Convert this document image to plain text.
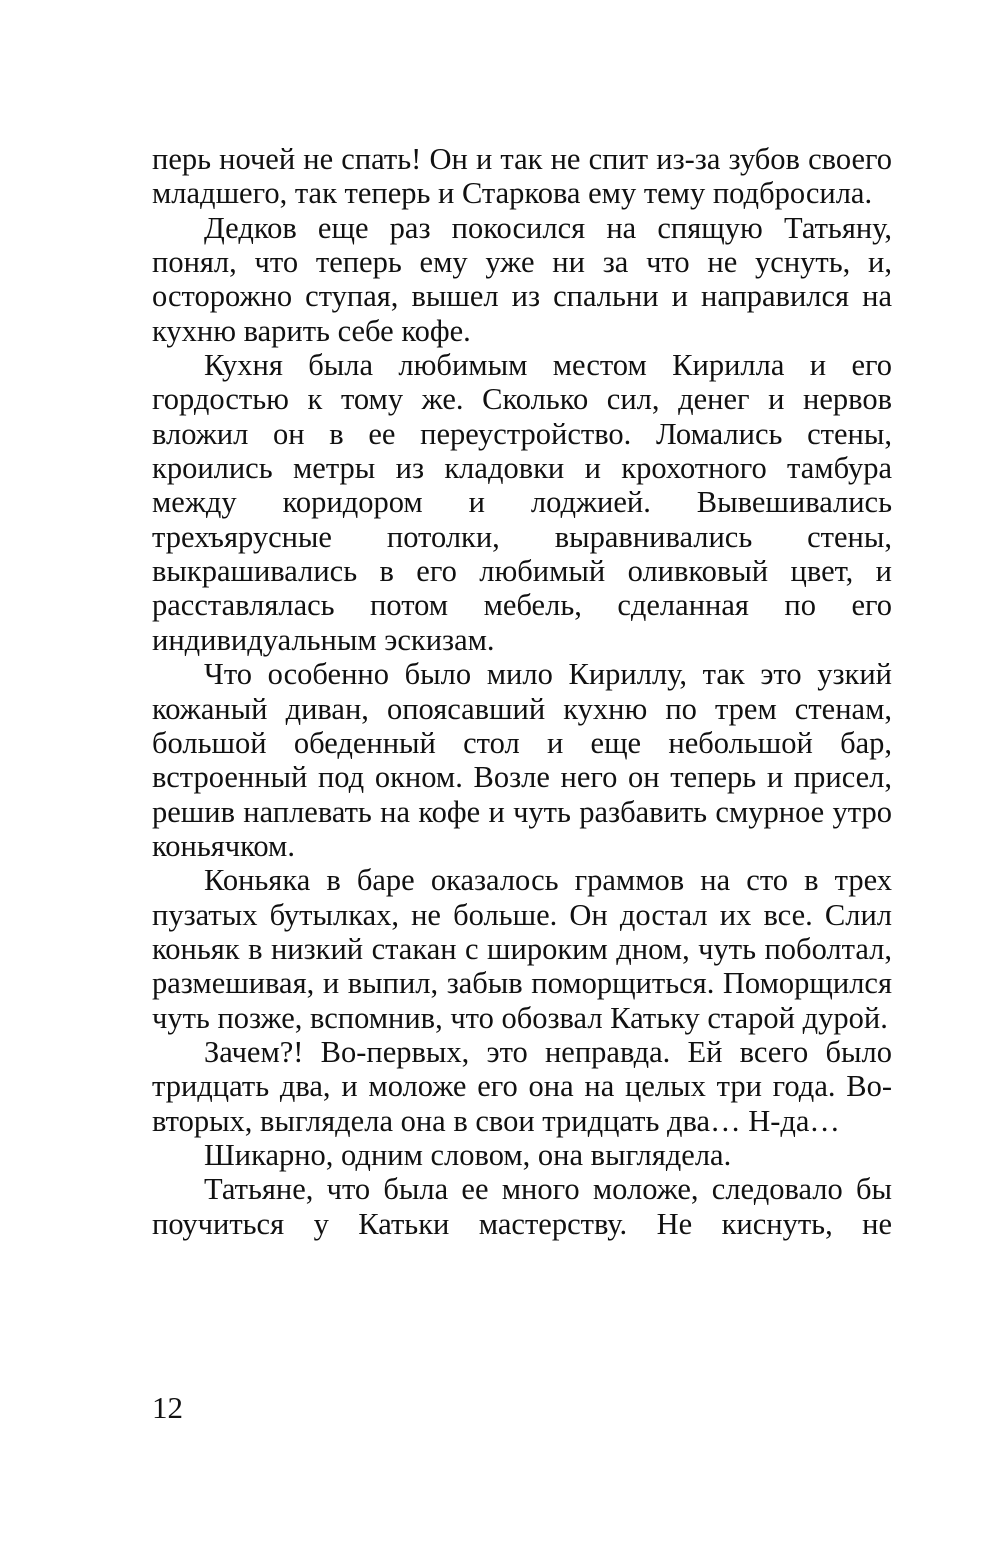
перь ночей не спать! Он и так не спит из-за зубов своего младшего, так теперь и Старкова ему тему подбросила.

Дедков еще раз покосился на спящую Татьяну, понял, что теперь ему уже ни за что не уснуть, и, осторожно ступая, вышел из спальни и направился на кухню варить себе кофе.

Кухня была любимым местом Кирилла и его гордостью к тому же. Сколько сил, денег и нервов вложил он в ее переустройство. Ломались стены, кроились метры из кладовки и крохотного тамбура между коридором и лоджией. Вывешивались трехъярусные потолки, выравнивались стены, выкрашивались в его любимый оливковый цвет, и расставлялась потом мебель, сделанная по его индивидуальным эскизам.

Что особенно было мило Кириллу, так это узкий кожаный диван, опоясавший кухню по трем стенам, большой обеденный стол и еще небольшой бар, встроенный под окном. Возле него он теперь и присел, решив наплевать на кофе и чуть разбавить смурное утро коньячком.

Коньяка в баре оказалось граммов на сто в трех пузатых бутылках, не больше. Он достал их все. Слил коньяк в низкий стакан с широким дном, чуть поболтал, размешивая, и выпил, забыв поморщиться. Поморщился чуть позже, вспомнив, что обозвал Катьку старой дурой.

Зачем?! Во-первых, это неправда. Ей всего было тридцать два, и моложе его она на целых три года. Во-вторых, выглядела она в свои тридцать два… Н-да…

Шикарно, одним словом, она выглядела.

Татьяне, что была ее много моложе, следовало бы поучиться у Катьки мастерству. Не киснуть, не

12
